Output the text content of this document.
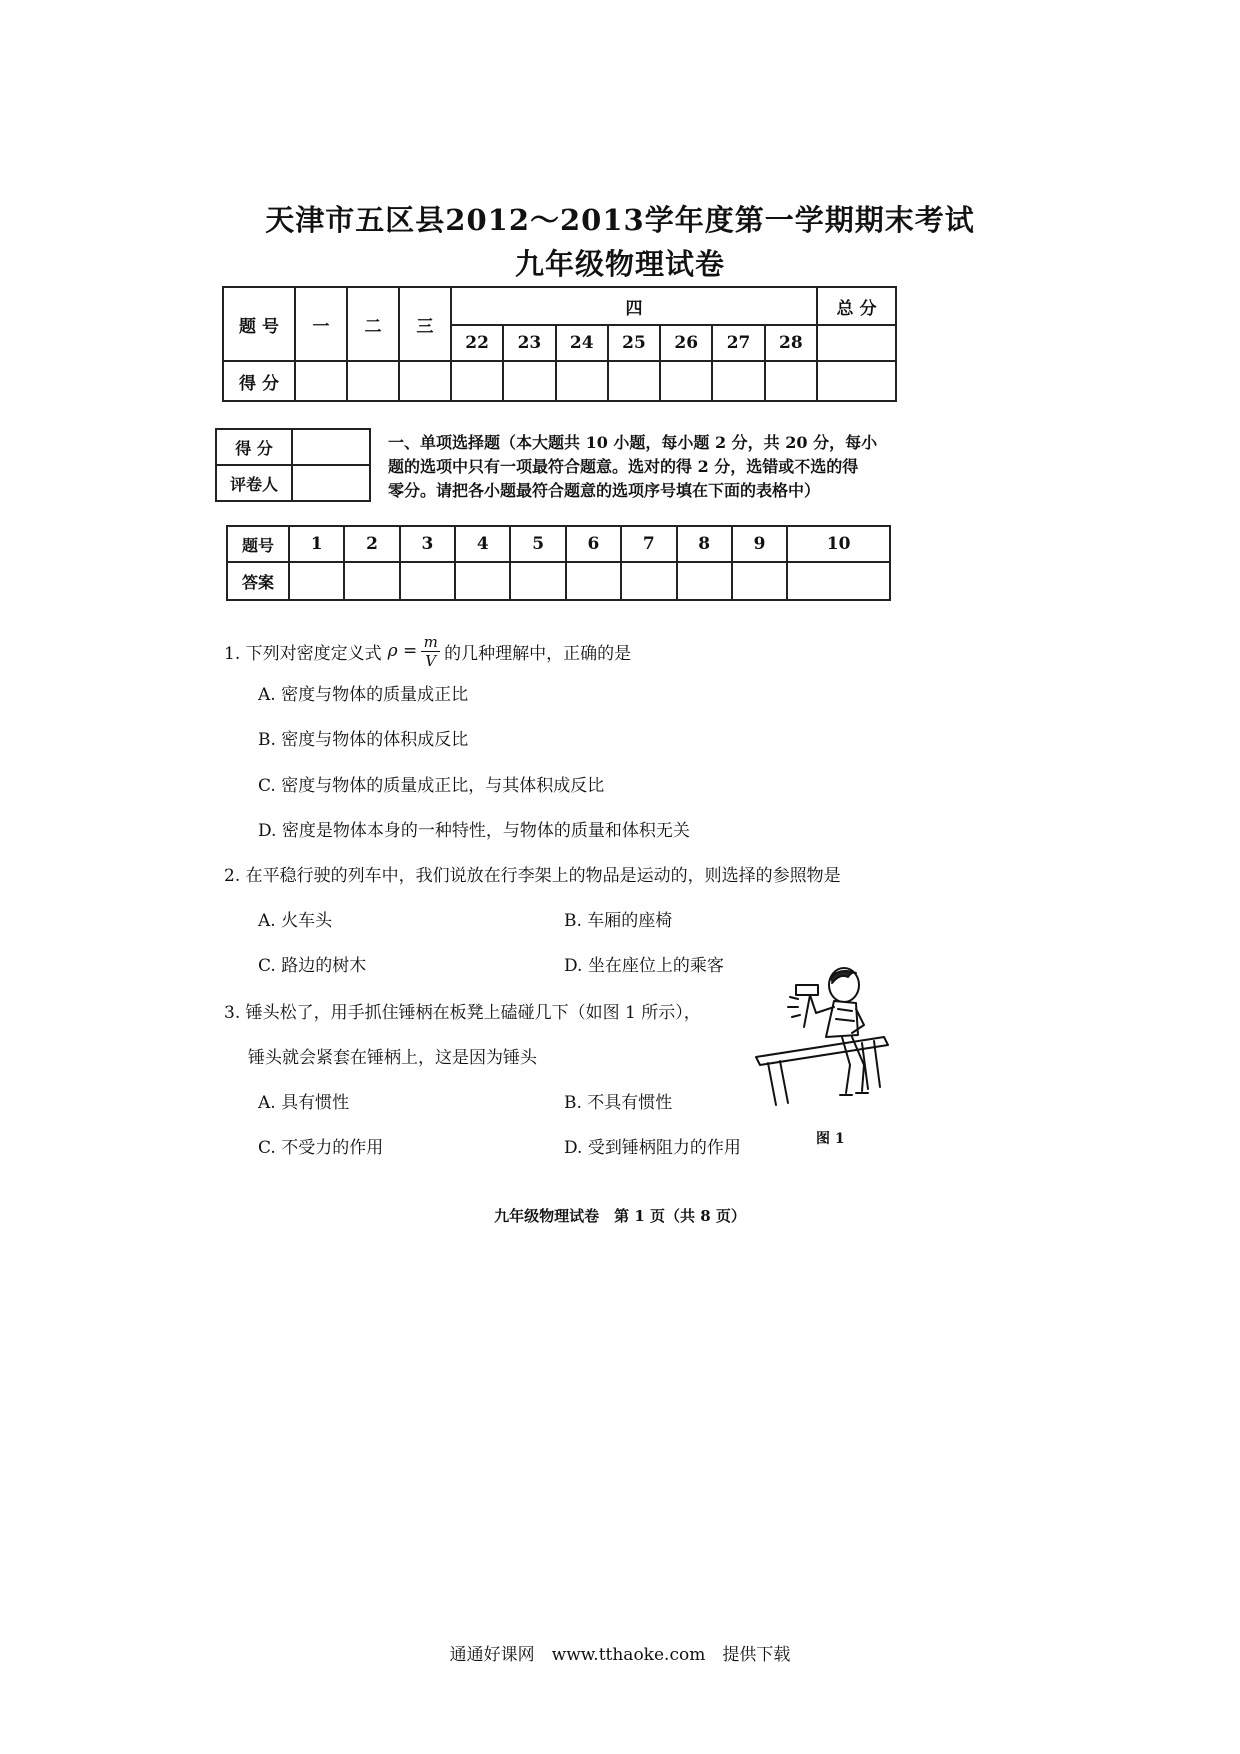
天津市五区县2012～2013学年度第一学期期末考试
九年级物理试卷
题 号	一	二	三	四							总 分
				22	23	24	25	26	27	28	
得 分											
得 分	
评卷人	
一、单项选择题（本大题共 10 小题，每小题 2 分，共 20 分，每小
题的选项中只有一项最符合题意。选对的得 2 分，选错或不选的得
零分。请把各小题最符合题意的选项序号填在下面的表格中）
题号	1	2	3	4	5	6	7	8	9	10
答案										
1. 下列对密度定义式 $\rho = \frac{m}{V}$ 的几种理解中，正确的是
A. 密度与物体的质量成正比
B. 密度与物体的体积成反比
C. 密度与物体的质量成正比，与其体积成反比
D. 密度是物体本身的一种特性，与物体的质量和体积无关
2. 在平稳行驶的列车中，我们说放在行李架上的物品是运动的，则选择的参照物是
A. 火车头	B. 车厢的座椅
C. 路边的树木	D. 坐在座位上的乘客
3. 锤头松了，用手抓住锤柄在板凳上磕碰几下（如图 1 所示），
锤头就会紧套在锤柄上，这是因为锤头
A. 具有惯性	B. 不具有惯性
C. 不受力的作用	D. 受到锤柄阻力的作用	图 1
九年级物理试卷　第 1 页（共 8 页）
通通好课网　www.tthaoke.com　提供下载
